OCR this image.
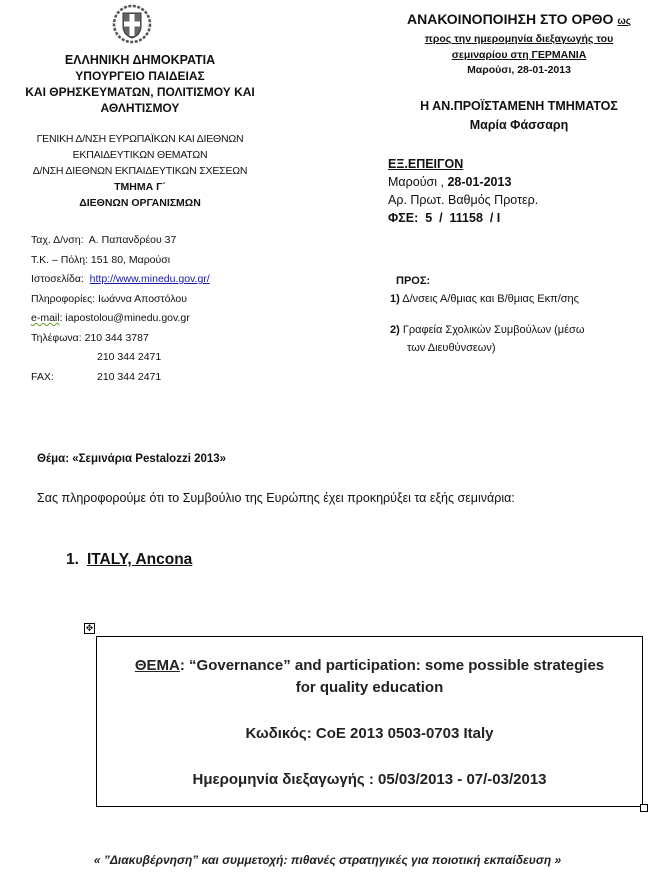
ΕΛΛΗΝΙΚΗ ΔΗΜΟΚΡΑΤΙΑ
ΥΠΟΥΡΓΕΙΟ ΠΑΙΔΕΙΑΣ
ΚΑΙ ΘΡΗΣΚΕΥΜΑΤΩΝ, ΠΟΛΙΤΙΣΜΟΥ ΚΑΙ
ΑΘΛΗΤΙΣΜΟΥ
ΓΕΝΙΚΗ Δ/ΝΣΗ ΕΥΡΩΠΑΪΚΩΝ ΚΑΙ ΔΙΕΘΝΩΝ
ΕΚΠΑΙΔΕΥΤΙΚΩΝ ΘΕΜΑΤΩΝ
Δ/ΝΣΗ ΔΙΕΘΝΩΝ ΕΚΠΑΙΔΕΥΤΙΚΩΝ ΣΧΕΣΕΩΝ
ΤΜΗΜΑ Γ΄
ΔΙΕΘΝΩΝ ΟΡΓΑΝΙΣΜΩΝ
Ταχ. Δ/νση:  Α. Παπανδρέου 37
Τ.Κ. – Πόλη: 151 80, Μαρούσι
Ιστοσελίδα: http://www.minedu.gov.gr/
Πληροφορίες: Ιωάννα Αποστόλου
e-mail: iapostolou@minedu.gov.gr
Τηλέφωνα: 210 344 3787
210 344 2471
FAX:	210 344 2471
ΑΝΑΚΟΙΝΟΠΟΙΗΣΗ ΣΤΟ ΟΡΘΟ ως
προς την ημερομηνία διεξαγωγής του
σεμιναρίου στη ΓΕΡΜΑΝΙΑ
Μαρούσι, 28-01-2013
Η ΑΝ.ΠΡΟΪΣΤΑΜΕΝΗ ΤΜΗΜΑΤΟΣ
Μαρία Φάσσαρη
ΕΞ.ΕΠΕΙΓΟΝ
Μαρούσι , 28-01-2013
Αρ. Πρωτ. Βαθμός Προτερ.
ΦΣΕ:  5  /  11158  / Ι
ΠΡΟΣ:
1) Δ/νσεις Α/θμιας και Β/θμιας Εκπ/σης
2) Γραφεία Σχολικών Συμβούλων (μέσω
των Διευθύνσεων)
Θέμα: «Σεμινάρια Pestalozzi 2013»
Σας πληροφορούμε ότι το Συμβούλιο της Ευρώπης έχει προκηρύξει τα εξής σεμινάρια:
1. ITALY, Ancona
✥
ΘΕΜΑ: “Governance” and participation: some possible strategies
for quality education
Κωδικός: CoE 2013 0503-0703 Italy
Ημερομηνία διεξαγωγής : 05/03/2013 - 07/-03/2013
« ”Διακυβέρνηση” και συμμετοχή: πιθανές στρατηγικές για ποιοτική εκπαίδευση »
